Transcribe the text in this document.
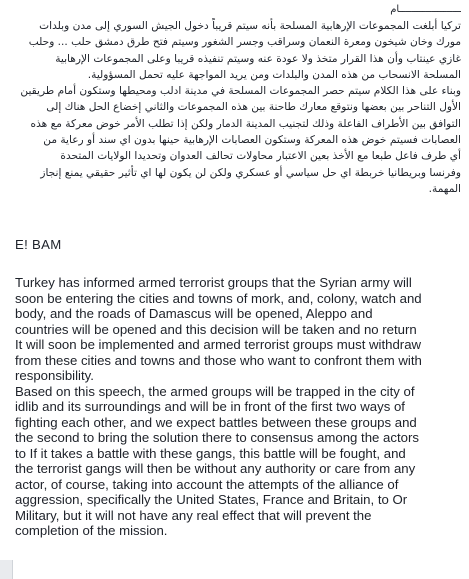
ـــــــــــــــــــــام
تركيا أبلغت المجموعات الإرهابية المسلحة بأنه سيتم قريباً دخول الجيش السوري إلى مدن وبلدات
مورك وخان شيخون ومعرة النعمان وسراقب وجسر الشغور وسيتم فتح طرق دمشق حلب ... وحلب
غازي عينتاب وأن هذا القرار متخذ ولا عودة عنه وسيتم تنفيذه قريبا وعلى المجموعات الإرهابية
المسلحة الانسحاب من هذه المدن والبلدات ومن يريد المواجهة عليه تحمل المسؤولية.
وبناء على هذا الكلام سيتم حصر المجموعات المسلحة في مدينة ادلب ومحيطها وستكون أمام طريقين
الأول التناحر بين بعضها ونتوقع معارك طاحنة بين هذه المجموعات والثاني إخضاع الحل هناك إلى
التوافق بين الأطراف الفاعلة وذلك لتجنيب المدينة الدمار ولكن إذا تطلب الأمر خوض معركة مع هذه
العصابات فسيتم خوض هذه المعركة وستكون العصابات الإرهابية حينها بدون اي سند أو رعاية من
أي طرف فاعل طبعا مع الأخذ بعين الاعتبار محاولات تحالف العدوان وتحديدا الولايات المتحدة
وفرنسا وبريطانيا خربطة اي حل سياسي أو عسكري ولكن لن يكون لها اي تأثير حقيقي يمنع إنجاز
المهمة.
E! BAM
Turkey has informed armed terrorist groups that the Syrian army will
soon be entering the cities and towns of mork, and, colony, watch and
body, and the roads of Damascus will be opened, Aleppo and
countries will be opened and this decision will be taken and no return
It will soon be implemented and armed terrorist groups must withdraw
from these cities and towns and those who want to confront them with
responsibility.
Based on this speech, the armed groups will be trapped in the city of
idlib and its surroundings and will be in front of the first two ways of
fighting each other, and we expect battles between these groups and
the second to bring the solution there to consensus among the actors
to If it takes a battle with these gangs, this battle will be fought, and
the terrorist gangs will then be without any authority or care from any
actor, of course, taking into account the attempts of the alliance of
aggression, specifically the United States, France and Britain, to Or
Military, but it will not have any real effect that will prevent the
completion of the mission.
